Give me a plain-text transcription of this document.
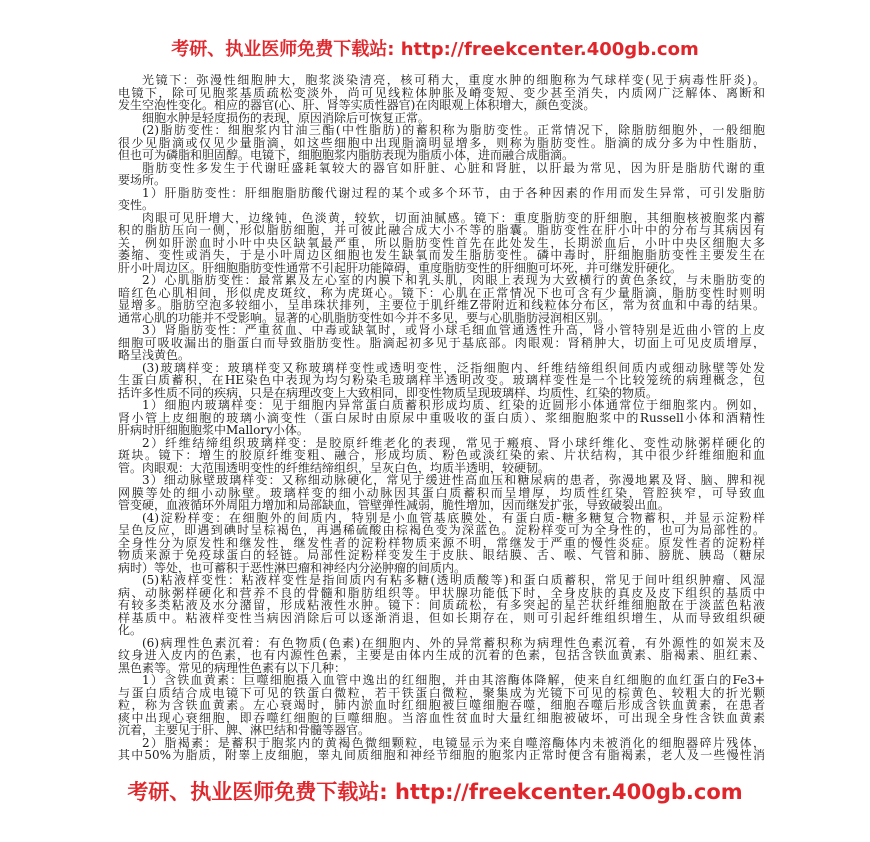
考研、执业医师免费下载站: http://freekcenter.400gb.com
光镜下：弥漫性细胞肿大，胞浆淡染清亮，核可稍大，重度水肿的细胞称为气球样变(见于病毒性肝炎)。
电镜下，除可见胞浆基质疏松变淡外，尚可见线粒体肿胀及嵴变短、变少甚至消失，内质网广泛解体、离断和
发生空泡性变化。相应的器官(心、肝、肾等实质性器官)在肉眼观上体积增大，颜色变淡。
细胞水肿是轻度损伤的表现，原因消除后可恢复正常。
(2)脂肪变性：细胞浆内甘油三酯(中性脂肪)的蓄积称为脂肪变性。正常情况下，除脂肪细胞外，一般细胞
很少见脂滴或仅见少量脂滴，如这些细胞中出现脂滴明显增多，则称为脂肪变性。脂滴的成分多为中性脂肪，
但也可为磷脂和胆固醇。电镜下，细胞胞浆内脂肪表现为脂质小体，进而融合成脂滴。
脂肪变性多发生于代谢旺盛耗氧较大的器官如肝脏、心脏和肾脏，以肝最为常见，因为肝是脂肪代谢的重
要场所。
1）肝脂肪变性：肝细胞脂肪酸代谢过程的某个或多个环节，由于各种因素的作用而发生异常，可引发脂肪
变性。
肉眼可见肝增大，边缘钝，色淡黄，较软，切面油腻感。镜下：重度脂肪变的肝细胞，其细胞核被胞浆内蓄
积的脂肪压向一侧，形似脂肪细胞，并可彼此融合成大小不等的脂囊。脂肪变性在肝小叶中的分布与其病因有
关，例如肝淤血时小叶中央区缺氧最严重，所以脂肪变性首先在此处发生，长期淤血后，小叶中央区细胞大多
萎缩、变性或消失，于是小叶周边区细胞也发生缺氧而发生脂肪变性。磷中毒时，肝细胞脂肪变性主要发生在
肝小叶周边区。肝细胞脂肪变性通常不引起肝功能障碍，重度脂肪变性的肝细胞可坏死，并可继发肝硬化。
2）心肌脂肪变性：最常累及左心室的内膜下和乳头肌，肉眼上表现为大致横行的黄色条纹，与未脂肪变的
暗红色心肌相间，形似虎皮斑纹，称为虎斑心。镜下：心肌在正常情况下也可含有少量脂滴，脂肪变性时则明
显增多。脂肪空泡多较细小，呈串珠状排列，主要位于肌纤维Z带附近和线粒体分布区，常为贫血和中毒的结果。
通常心肌的功能并不受影响。显著的心肌脂肪变性如今并不多见，要与心肌脂肪浸润相区别。
3）肾脂肪变性：严重贫血、中毒或缺氧时，或肾小球毛细血管通透性升高，肾小管特别是近曲小管的上皮
细胞可吸收漏出的脂蛋白而导致脂肪变性。脂滴起初多见于基底部。肉眼观：肾稍肿大，切面上可见皮质增厚，
略呈浅黄色。
(3)玻璃样变：玻璃样变又称玻璃样变性或透明变性，泛指细胞内、纤维结缔组织间质内或细动脉壁等处发
生蛋白质蓄积，在HE染色中表现为均匀粉染毛玻璃样半透明改变。玻璃样变性是一个比较笼统的病理概念，包
括许多性质不同的疾病，只是在病理改变上大致相同，即变性物质呈现玻璃样、均质性、红染的物质。
1）细胞内玻璃样变：见于细胞内异常蛋白质蓄积形成均质、红染的近圆形小体通常位于细胞浆内。例如，
肾小管上皮细胞的玻璃小滴变性（蛋白尿时由原尿中重吸收的蛋白质）、浆细胞胞浆中的Russell小体和酒精性
肝病时肝细胞胞浆中Mallory小体。
2）纤维结缔组织玻璃样变：是胶原纤维老化的表现，常见于瘢痕、肾小球纤维化、变性动脉粥样硬化的
斑块。镜下：增生的胶原纤维变粗、融合，形成均质、粉色或淡红染的索、片状结构，其中很少纤维细胞和血
管。肉眼观：大范围透明变性的纤维结缔组织，呈灰白色，均质半透明，较硬韧。
3）细动脉壁玻璃样变：又称细动脉硬化，常见于缓进性高血压和糖尿病的患者，弥漫地累及肾、脑、脾和视
网膜等处的细小动脉壁。玻璃样变的细小动脉因其蛋白质蓄积而呈增厚，均质性红染，管腔狭窄，可导致血
管变硬，血液循环外周阻力增加和局部缺血，管壁弹性减弱，脆性增加，因而继发扩张，导致破裂出血。
(4)淀粉样变：在细胞外的间质内，特别是小血管基底膜处，有蛋白质-糖多糖复合物蓄积，并显示淀粉样
呈色反应，即遇到碘时呈棕褐色，再遇稀硫酸由棕褐色变为深蓝色。淀粉样变可为全身性的，也可为局部性的。
全身性分为原发性和继发性，继发性者的淀粉样物质来源不明，常继发于严重的慢性炎症。原发性者的淀粉样
物质来源于免疫球蛋白的轻链。局部性淀粉样变发生于皮肤、眼结膜、舌、喉、气管和肺、膀胱、胰岛（糖尿
病时）等处，也可蓄积于恶性淋巴瘤和神经内分泌肿瘤的间质内。
(5)粘液样变性：粘液样变性是指间质内有粘多糖(透明质酸等)和蛋白质蓄积，常见于间叶组织肿瘤、风湿
病、动脉粥样硬化和营养不良的骨髓和脂肪组织等。甲状腺功能低下时，全身皮肤的真皮及皮下组织的基质中
有较多类粘液及水分潴留，形成粘液性水肿。镜下：间质疏松，有多突起的星芒状纤维细胞散在于淡蓝色粘液
样基质中。粘液样变性当病因消除后可以逐渐消退，但如长期存在，则可引起纤维组织增生，从而导致组织硬
化。
(6)病理性色素沉着：有色物质(色素)在细胞内、外的异常蓄积称为病理性色素沉着，有外源性的如炭末及
纹身进入皮内的色素，也有内源性色素，主要是由体内生成的沉着的色素，包括含铁血黄素、脂褐素、胆红素、
黑色素等。常见的病理性色素有以下几种：
1）含铁血黄素：巨噬细胞摄入血管中逸出的红细胞，并由其溶酶体降解，使来自红细胞的血红蛋白的Fe3+
与蛋白质结合成电镜下可见的铁蛋白微粒，若干铁蛋白微粒，聚集成为光镜下可见的棕黄色、较粗大的折光颗
粒，称为含铁血黄素。左心衰竭时，肺内淤血时红细胞被巨噬细胞吞噬，细胞吞噬后形成含铁血黄素，在患者
痰中出现心衰细胞，即吞噬红细胞的巨噬细胞。当溶血性贫血时大量红细胞被破坏，可出现全身性含铁血黄素
沉着，主要见于肝、脾、淋巴结和骨髓等器官。
2）脂褐素：是蓄积于胞浆内的黄褐色微细颗粒，电镜显示为来自噬溶酶体内未被消化的细胞器碎片残体，
其中50%为脂质，附睾上皮细胞，睾丸间质细胞和神经节细胞的胞浆内正常时便含有脂褐素，老人及一些慢性消
考研、执业医师免费下载站: http://freekcenter.400gb.com
